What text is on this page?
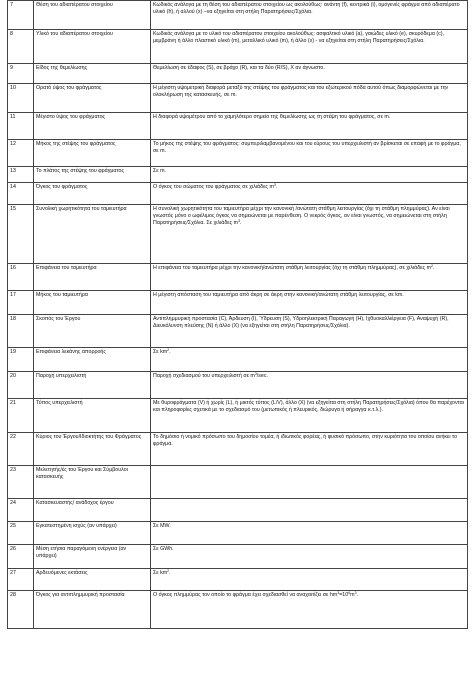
7	Θέση του αδιαπέρατου στοιχείου	Κωδικός ανάλογα με τη θέση του αδιαπέρατου στοιχείου ως ακολούθως: ανάντη (f), κεντρικά (i), ομογενές φράγμα από αδιαπέρατο υλικό (h), ή αλλού (x) –να εξηγείται στη στήλη Παρατηρήσεις/Σχόλια.
8	Υλικό του αδιαπέρατου στοιχείου	Κωδικός ανάλογα με το υλικό του αδιαπέρατου στοιχείου ακολούθως: ασφαλτικό υλικό (a), γαιώδες υλικό (e), σκυρόδεμα (c), μεμβράνη ή άλλο πλαστικό υλικό (m), μεταλλικό υλικό (m), ή άλλο (x) - να εξηγείται στη στήλη Παρατηρήσεις/Σχόλια.
9	Είδος της θεμελίωσης	Θεμελίωση σε έδαφος (S), σε βράχο (R), και τα δύο (R/S), Χ αν άγνωστο.
10	Ορατό ύψος του φράγματος	Η μέγιστη υψομετρική διαφορά μεταξύ της στέψης του φράγματος και του εξωτερικού πόδα αυτού όπως διαμορφώνεται με την ολοκλήρωση της κατασκευής, σε m.
11	Μέγιστο ύψος του φράγματος	Η διαφορά υψομέτρου από το χαμηλότερο σημείο της θεμελίωσης ως τη στέψη του φράγματος, σε m.
12	Μήκος της στέψης του φράγματος	Το μήκος της στέψης του φράγματος: συμπεριλαμβανομένου και του εύρους του υπερχειλιστή αν βρίσκεται σε επαφή με το φράγμα, σε m.
13	Το πλάτος της στέψης του φράγματος	Σε m.
14	Όγκος του φράγματος	Ο όγκος του σώματος του φράγματος σε χιλιάδες $m^3$.
15	Συνολική χωρητικότητα του ταμιευτήρα	Η συνολική χωρητικότητα του ταμιευτήρα μέχρι την κανονική /ανώτατη στάθμη λειτουργίας (όχι τη στάθμη πλημμύρας). Αν είναι γνωστός μόνο ο ωφέλιμος όγκος να σημειώνεται με παρένθεση. Ο νεκρός όγκος, αν είναι γνωστός, να σημειώνεται στη στήλη Παρατηρήσεις/Σχόλια. Σε χιλιάδες $m^3$.
16	Επιφάνεια του ταμιευτήρα	Η επιφάνεια του ταμιευτήρα μέχρι την κανονική/ανώτατη στάθμη λειτουργίας (όχι τη στάθμη πλημμύρας), σε χιλιάδες $m^2$.
17	Μήκος του ταμιευτήρα	Η μέγιστη απόσταση του ταμιευτήρα από άκρη σε άκρη στην κανονική/ανώτατη στάθμη λειτουργίας, σε km.
18	Σκοπός του Έργου	Αντιπλημμυρική προστασία (C), Άρδευση (I), Ύδρευση (S), Υδροηλεκτρική Παραγωγή (H), Ιχθυοκαλλιέργεια (F), Αναψυχή (R), Διευκόλυνση πλεύσης (N) ή άλλο (X) (να εξηγείται στη στήλη Παρατηρήσεις/Σχόλια).
19	Επιφάνεια λεκάνης απορροής	Σε $km^2$.
20	Παροχή υπερχειλιστή	Παροχή σχεδιασμού του υπερχειλιστή σε $m^3/\sec$.
21	Τύπος υπερχειλιστή	Με θυροφράγματα (V) ή χωρίς (L), ή μικτός τύπος (L/V), άλλο (X) (να εξηγείται στη στήλη Παρατηρήσεις/Σχόλια) όπου θα παρέχονται και πληροφορίες σχετικά με το σχεδιασμό του (μετωπικός ή πλευρικός, διώρυγα ή σήραγγα κ.τ.λ.).
22	Κύριος του Έργου/Ιδιοκτήτης του Φράγματος	Το δημόσιο ή νομικό πρόσωπο του δημοσίου τομέα, ή ιδιωτικός φορέας, ή φυσικό πρόσωπο, στην κυριότητα του οποίου ανήκει το φράγμα.
23	Μελετητής/ές του Έργου και Σύμβουλοι κατασκευής	
24	Κατασκευαστής/ ανάδοχος έργου	
25	Εγκατεστημένη ισχύς (αν υπάρχει)	Σε MW.
26	Μέση ετήσια παραγόμενη ενέργεια (αν υπάρχει)	Σε GWh.
27	Αρδευόμενες εκτάσεις	Σε $km^2$.
28	Όγκος για αντιπλημμυρική προστασία	Ο όγκος πλημμύρας τον οποίο το φράγμα έχει σχεδιασθεί να αναχαιτίζει σε $hm^3=10^6m^3$.
